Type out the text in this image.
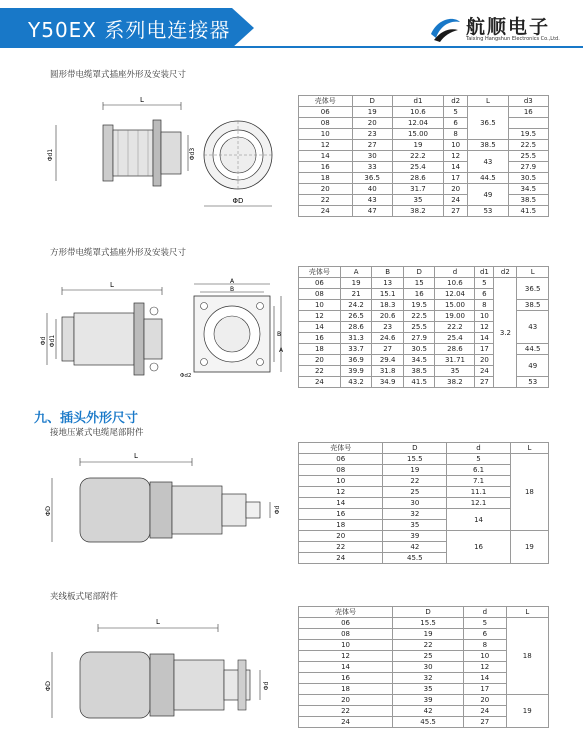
Y50EX 系列电连接器	航顺电子
Taixing Hangshun Electronics Co.,Ltd.
圆形带电缆罩式插座外形及安装尺寸
方形带电缆罩式插座外形及安装尺寸
九、插头外形尺寸
接地压紧式电缆尾部附件
夹线板式尾部附件
L
Φd1	Φd3
ΦD
壳体号	D	d1	d2	L	d3
06	19	10.6	5	36.5	16
08	20	12.04	6		
10	23	15.00	8		19.5
12	27	19	10	38.5	22.5
14	30	22.2	12	43	25.5
16	33	25.4	14		27.9
18	36.5	28.6	17	44.5	30.5
20	40	31.7	20	49	34.5
22	43	35	24		38.5
24	47	38.2	27	53	41.5
L
Φd Φd1
A
B
B
A
Φd2
壳体号	A	B	D	d	d1	d2	L
06	19	13	15	10.6	5	3.2	36.5
08	21	15.1	16	12.04	6		
10	24.2	18.3	19.5	15.00	8		38.5
12	26.5	20.6	22.5	19.00	10		43
14	28.6	23	25.5	22.2	12		
16	31.3	24.6	27.9	25.4	14		
18	33.7	27	30.5	28.6	17		44.5
20	36.9	29.4	34.5	31.71	20		49
22	39.9	31.8	38.5	35	24		
24	43.2	34.9	41.5	38.2	27		53
L
ΦD	Φd
壳体号	D	d	L
06	15.5	5	18
08	19	6.1	
10	22	7.1	
12	25	11.1	
14	30	12.1	
16	32	14	
18	35		
20	39	16	19
22	42		
24	45.5		
L
ΦD	Φd
壳体号	D	d	L
06	15.5	5	18
08	19	6	
10	22	8	
12	25	10	
14	30	12	
16	32	14	
18	35	17	
20	39	20	19
22	42	24	
24	45.5	27	
